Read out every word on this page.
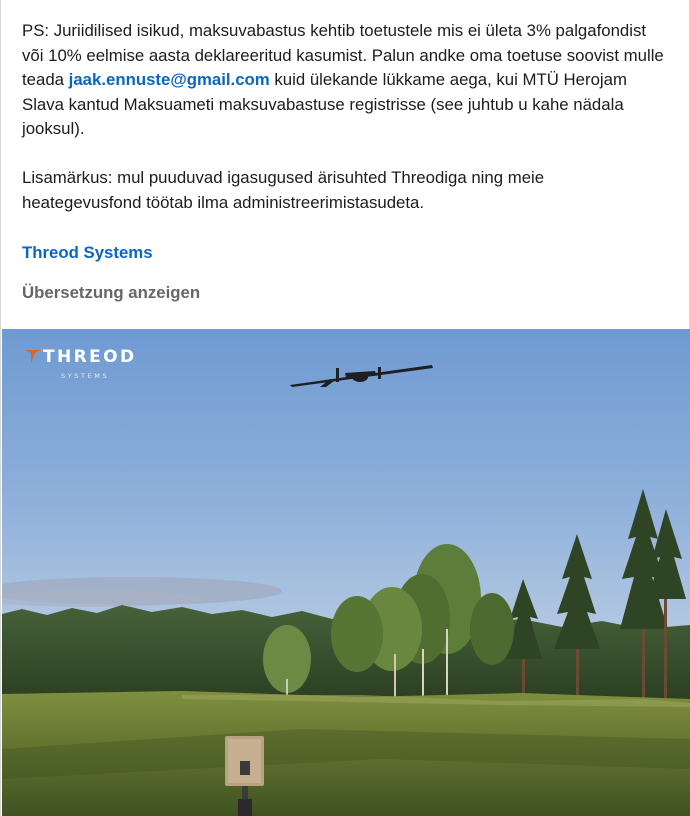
PS: Juriidilised isikud, maksuvabastus kehtib toetustele mis ei ületa 3% palgafondist või 10% eelmise aasta deklareeritud kasumist. Palun andke oma toetuse soovist mulle teada jaak.ennuste@gmail.com kuid ülekande lükkame aega, kui MTÜ Herojam Slava kantud Maksuameti maksuvabastuse registrisse (see juhtub u kahe nädala jooksul).

Lisamärkus: mul puuduvad igasugused ärisuhted Threodiga ning meie heategevusfond töötab ilma administreerimistasudeta.

Threod Systems
Übersetzung anzeigen
THREOD
SYSTEMS
